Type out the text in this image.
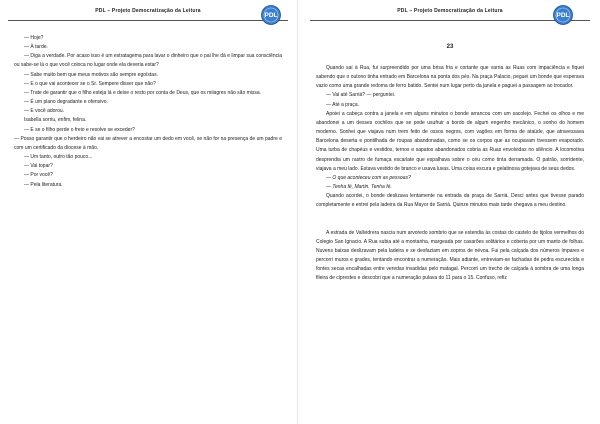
PDL – Projeto Democratização da Leitura
PDL

— Hoje?

— À tarde.

— Diga a verdade. Por acaso isso é um estratagema para lavar o dinheiro que o pai lhe dá e limpar sua consciência ou sabe-se lá o que você coloca no lugar onde ela deveria estar?

— Sabe muito bem que meus motivos são sempre egoístas.

— E o que vai acontecer se o Sr. Sempere disser que não?

— Trate de garantir que o filho esteja lá e deixe o resto por conta de Deus, que os milagres não são missa.

— É um plano degradante e ofensivo.

— E você adorou.

Isabella sorriu, enfim, felina.

— E se o filho perde o freio e resolve se exceder?

— Posso garantir que o herdeiro não vai se atrever a encostar um dedo em você, se não for na presença de um padre e com um certificado da diocese à mão.

— Um tanto, outro tão pouco...

— Vai topar?

— Por você?

— Pela literatura.

PDL – Projeto Democratização da Leitura
PDL
23

Quando saí à Rua, fui surpreendido por uma brisa fria e cortante que varria as Ruas com impaciência e fiquei sabendo que o outono tinha entrado em Barcelona na ponta dos pés. Na praça Palacio, peguei um bonde que esperava vazio como uma grande redoma de ferro batido. Sentei num lugar perto da janela e paguei a passagem ao trocador.

— Vai até Sarriá? — perguntei.

— Até a praça.

Apoiei a cabeça contra a janela e em alguns minutos o bonde arrancou com um sacolejo. Fechei os olhos e me abandonei a um desses cochilos que se pode usufruir a bordo de algum engenho mecânico, o sonho do homem moderno. Sonhei que viajava num trem feito de ossos negros, com vagões em forma de ataúde, que atravessava Barcelona deserta e pontilhada de roupas abandonadas, como se os corpos que as ocupavam tivessem evaporado. Uma turba de chapéus e vestidos, ternos e sapatos abandonados cobria as Ruas envolvidas no silêncio. A locomotiva desprendia um rastro de fumaça escarlate que espalhava sobre o céu como tinta derramada. O patrão, sorridente, viajava a meu lado. Estava vestido de branco e usava luvas. Uma coisa escura e gelatinosa gotejava de seus dedos.

— O que aconteceu com as pessoas?

— Tenha fé, Martin. Tenha fé.

Quando acordei, o bonde deslizava lentamente na entrada da praça de Sarriá. Desci antes que tivesse parado completamente e entrei pela ladeira da Rua Mayor de Sarriá. Quinze minutos mais tarde chegava a meu destino.

A estrada de Vallvidrera nascia num arvoredo sombrio que se estendia às costas do castelo de tijolos vermelhos do Colegio San Ignacio. A Rua subia até a montanha, margeada por casarões solitários e coberta por um manto de folhas. Nuvens baixas deslizavam pela ladeira e se desfaziam em sopros de névoa. Fui pela calçada dos números ímpares e percorri muros e grades, tentando encontrar a numeração. Mais adiante, entreviam-se fachadas de pedra escurecida e fontes secas encalhadas entre veredas invadidas pelo matagal. Percorri um trecho de calçada à sombra de uma longa fileira de ciprestes e descobri que a numeração pulava do 11 para o 15. Confuso, refiz
